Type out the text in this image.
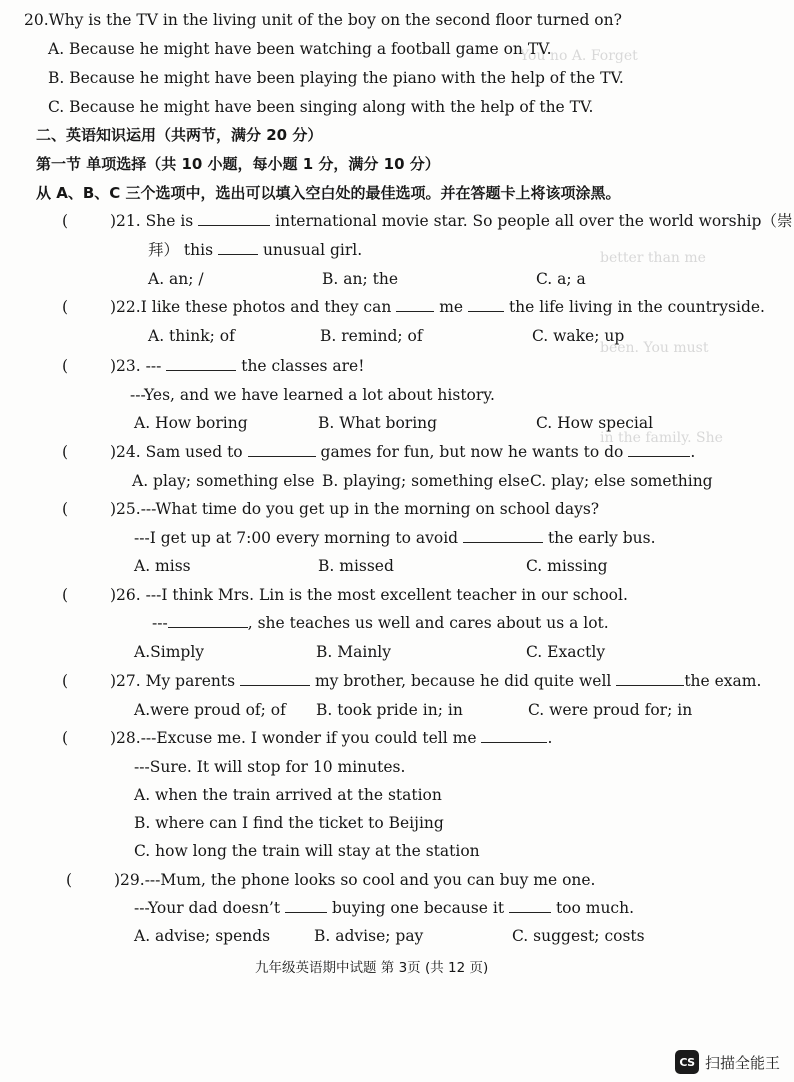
You no A. Forget
better than me
been. You must
in the family. She
20.Why is the TV in the living unit of the boy on the second floor turned on?
A. Because he might have been watching a football game on TV.
B. Because he might have been playing the piano with the help of the TV.
C. Because he might have been singing along with the help of the TV.
二、英语知识运用（共两节，满分 20 分）
第一节 单项选择（共 10 小题，每小题 1 分，满分 10 分）
从 A、B、C 三个选项中，选出可以填入空白处的最佳选项。并在答题卡上将该项涂黑。
(	)21. She is	international movie star. So people all over the world worship（崇
拜） this	unusual girl.
A. an; /	B. an; the	C. a; a
(	)22.I like these photos and they can	me	the life living in the countryside.
A. think; of	B. remind; of	C. wake; up
(	)23. ---	the classes are!
---Yes, and we have learned a lot about history.
A. How boring	B. What boring	C. How special
(	)24. Sam used to	games for fun, but now he wants to do	.
A. play; something else B. playing; something else C. play; else something
(	)25.---What time do you get up in the morning on school days?
---I get up at 7:00 every morning to avoid	the early bus.
A. miss	B. missed	C. missing
(	)26. ---I think Mrs. Lin is the most excellent teacher in our school.
---	, she teaches us well and cares about us a lot.
A.Simply	B. Mainly	C. Exactly
(	)27. My parents	my brother, because he did quite well	the exam.
A.were proud of; of B. took pride in; in	C. were proud for; in
(	)28.---Excuse me. I wonder if you could tell me	.
---Sure. It will stop for 10 minutes.
A. when the train arrived at the station
B. where can I find the ticket to Beijing
C. how long the train will stay at the station
(	)29.---Mum, the phone looks so cool and you can buy me one.
---Your dad doesn’t	buying one because it	too much.
A. advise; spends	B. advise; pay	C. suggest; costs
九年级英语期中试题 第 3页 (共 12 页)
CS 扫描全能王
